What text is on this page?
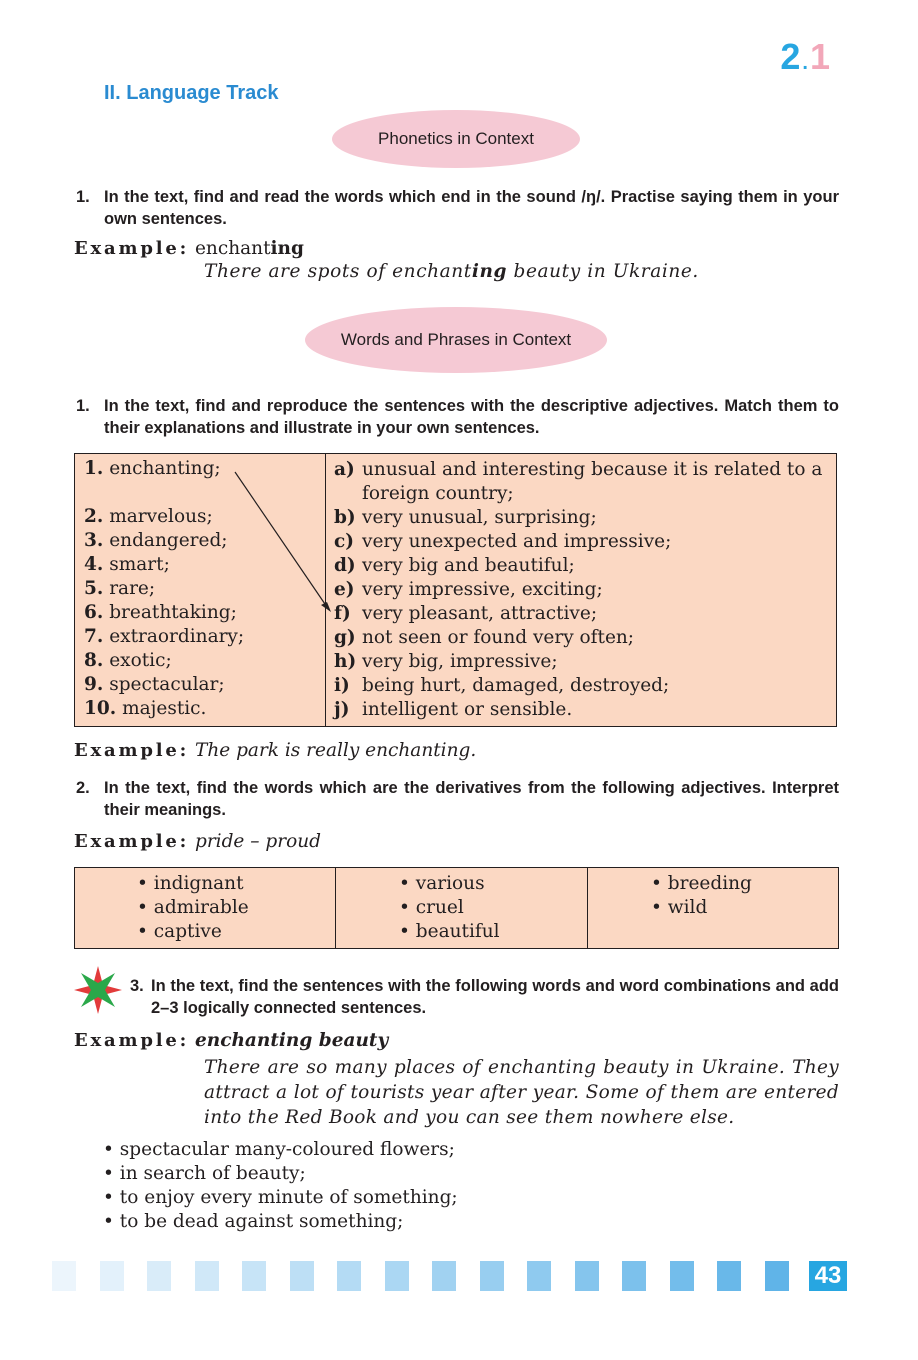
2.1
II. Language Track
Phonetics in Context
1. In the text, find and read the words which end in the sound /ŋ/. Practise saying them in your own sentences.
Example: enchanting
There are spots of enchanting beauty in Ukraine.
Words and Phrases in Context
1. In the text, find and reproduce the sentences with the descriptive adjectives. Match them to their explanations and illustrate in your own sentences.
1. enchanting;
2. marvelous;
3. endangered;
4. smart;
5. rare;
6. breathtaking;
7. extraordinary;
8. exotic;
9. spectacular;
10. majestic.
a) unusual and interesting because it is related to a foreign country;
b) very unusual, surprising;
c) very unexpected and impressive;
d) very big and beautiful;
e) very impressive, exciting;
f) very pleasant, attractive;
g) not seen or found very often;
h) very big, impressive;
i) being hurt, damaged, destroyed;
j) intelligent or sensible.
Example: The park is really enchanting.
2. In the text, find the words which are the derivatives from the following adjectives. Interpret their meanings.
Example: pride – proud
• indignant
• admirable
• captive
• various
• cruel
• beautiful
• breeding
• wild
3. In the text, find the sentences with the following words and word combinations and add 2–3 logically connected sentences.
Example: enchanting beauty
There are so many places of enchanting beauty in Ukraine. They attract a lot of tourists year after year. Some of them are entered into the Red Book and you can see them nowhere else.
• spectacular many-coloured flowers;
• in search of beauty;
• to enjoy every minute of something;
• to be dead against something;
43
